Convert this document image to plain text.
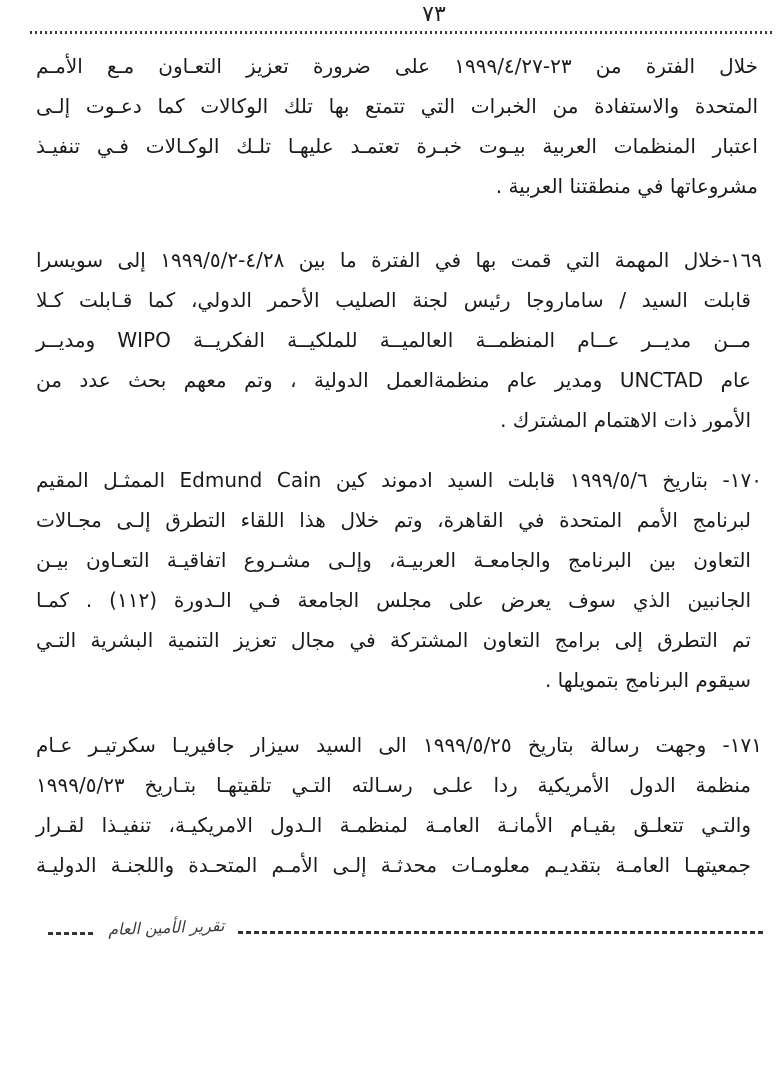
٧٣
خلال الفترة من ٢٣-١٩٩٩/٤/٢٧ على ضرورة تعزيز التعـاون مـع الأمـم
المتحدة والاستفادة من الخبرات التي تتمتع بها تلك الوكالات كما دعـوت إلـى
اعتبار المنظمات العربية بيـوت خبـرة تعتمـد عليهـا تلـك الوكـالات فـي تنفيـذ
مشروعاتها في منطقتنا العربية .
١٦٩-خلال المهمة التي قمت بها في الفترة ما بين ٤/٢٨-١٩٩٩/٥/٢ إلى سويسرا
قابلت السيد / ساماروجا رئيس لجنة الصليب الأحمر الدولي، كما قـابلت كـلا
مــن مديــر عــام المنظمــة العالميــة للملكيــة الفكريــة WIPO ومديــر
عام UNCTAD ومدير عام منظمةالعمل الدولية ، وتم معهم بحث عدد من
الأمور ذات الاهتمام المشترك .
١٧٠- بتاريخ ١٩٩٩/٥/٦ قابلت السيد ادموند كين Edmund Cain الممثـل المقيم
لبرنامج الأمم المتحدة في القاهرة، وتم خلال هذا اللقاء التطرق إلـى مجـالات
التعاون بين البرنامج والجامعـة العربيـة، وإلـى مشـروع اتفاقيـة التعـاون بيـن
الجانبين الذي سوف يعرض على مجلس الجامعة فـي الـدورة (١١٢) . كمـا
تم التطرق إلى برامج التعاون المشتركة في مجال تعزيز التنمية البشرية التـي
سيقوم البرنامج بتمويلها .
١٧١- وجهت رسالة بتاريخ ١٩٩٩/٥/٢٥ الى السيد سيزار جافيريـا سكرتيـر عـام
منظمة الدول الأمريكية ردا علـى رسـالته التـي تلقيتهـا بتـاريخ ١٩٩٩/٥/٢٣
والتـي تتعلـق بقيـام الأمانـة العامـة لمنظمـة الـدول الامريكيـة، تنفيـذا لقـرار
جمعيتهـا العامـة بتقديـم معلومـات محدثـة إلـى الأمـم المتحـدة واللجنـة الدوليـة
تقرير الأمين العام
